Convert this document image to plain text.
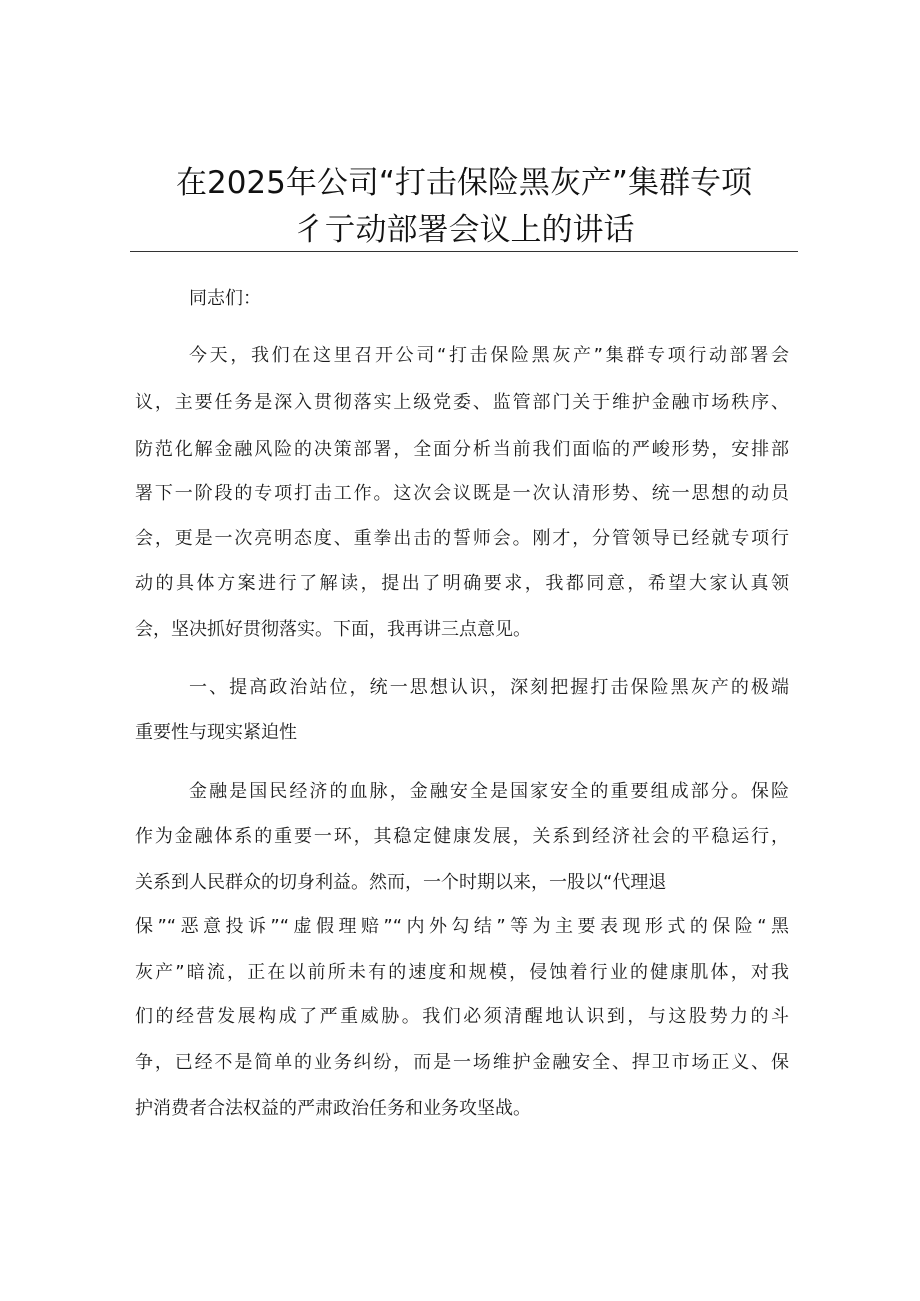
在2025年公司“打击保险黑灰产”集群专项
彳亍动部署会议上的讲话
同志们：
今天，我们在这里召开公司“打击保险黑灰产”集群专项行动部署会
议，主要任务是深入贯彻落实上级党委、监管部门关于维护金融市场秩序、
防范化解金融风险的决策部署，全面分析当前我们面临的严峻形势，安排部
署下一阶段的专项打击工作。这次会议既是一次认清形势、统一思想的动员
会，更是一次亮明态度、重拳出击的誓师会。刚才，分管领导已经就专项行
动的具体方案进行了解读，提出了明确要求，我都同意，希望大家认真领
会，坚决抓好贯彻落实。下面，我再讲三点意见。
一、提高政治站位，统一思想认识，深刻把握打击保险黑灰产的极端
重要性与现实紧迫性
金融是国民经济的血脉，金融安全是国家安全的重要组成部分。保险
作为金融体系的重要一环，其稳定健康发展，关系到经济社会的平稳运行，
关系到人民群众的切身利益。然而，一个时期以来，一股以“代理退
保”“恶意投诉”“虚假理赔”“内外勾结”等为主要表现形式的保险“黑
灰产”暗流，正在以前所未有的速度和规模，侵蚀着行业的健康肌体，对我
们的经营发展构成了严重威胁。我们必须清醒地认识到，与这股势力的斗
争，已经不是简单的业务纠纷，而是一场维护金融安全、捍卫市场正义、保
护消费者合法权益的严肃政治任务和业务攻坚战。
